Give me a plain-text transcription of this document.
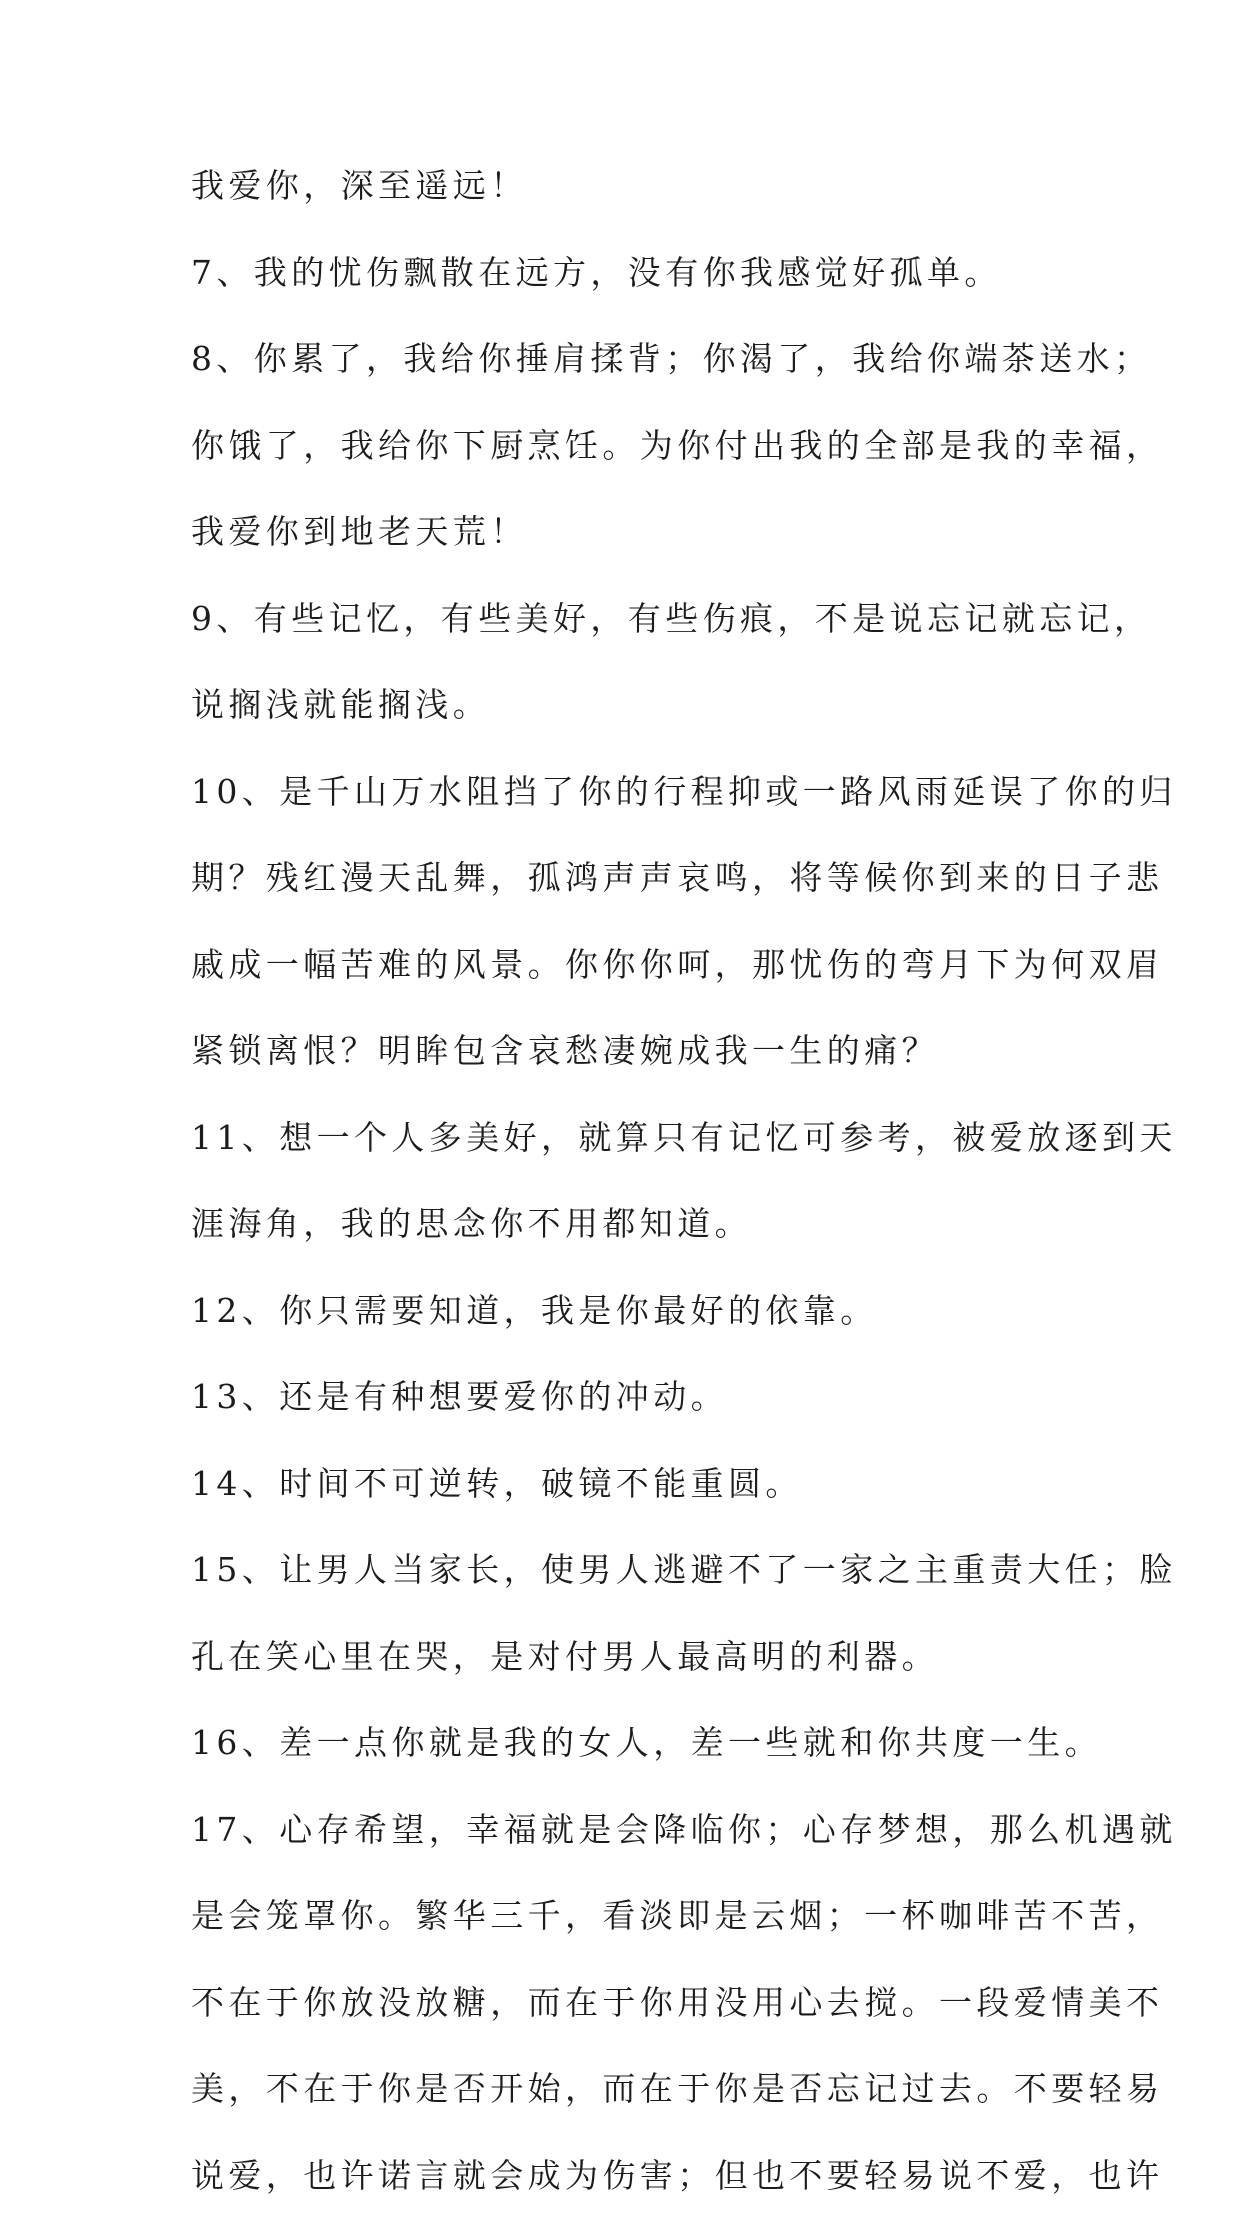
我爱你，深至遥远！
7、我的忧伤飘散在远方，没有你我感觉好孤单。
8、你累了，我给你捶肩揉背；你渴了，我给你端茶送水；
你饿了，我给你下厨烹饪。为你付出我的全部是我的幸福，
我爱你到地老天荒！
9、有些记忆，有些美好，有些伤痕，不是说忘记就忘记，
说搁浅就能搁浅。
10、是千山万水阻挡了你的行程抑或一路风雨延误了你的归
期？残红漫天乱舞，孤鸿声声哀鸣，将等候你到来的日子悲
戚成一幅苦难的风景。你你你呵，那忧伤的弯月下为何双眉
紧锁离恨？明眸包含哀愁凄婉成我一生的痛？
11、想一个人多美好，就算只有记忆可参考，被爱放逐到天
涯海角，我的思念你不用都知道。
12、你只需要知道，我是你最好的依靠。
13、还是有种想要爱你的冲动。
14、时间不可逆转，破镜不能重圆。
15、让男人当家长，使男人逃避不了一家之主重责大任；脸
孔在笑心里在哭，是对付男人最高明的利器。
16、差一点你就是我的女人，差一些就和你共度一生。
17、心存希望，幸福就是会降临你；心存梦想，那么机遇就
是会笼罩你。繁华三千，看淡即是云烟；一杯咖啡苦不苦，
不在于你放没放糖，而在于你用没用心去搅。一段爱情美不
美，不在于你是否开始，而在于你是否忘记过去。不要轻易
说爱，也许诺言就会成为伤害；但也不要轻易说不爱，也许
